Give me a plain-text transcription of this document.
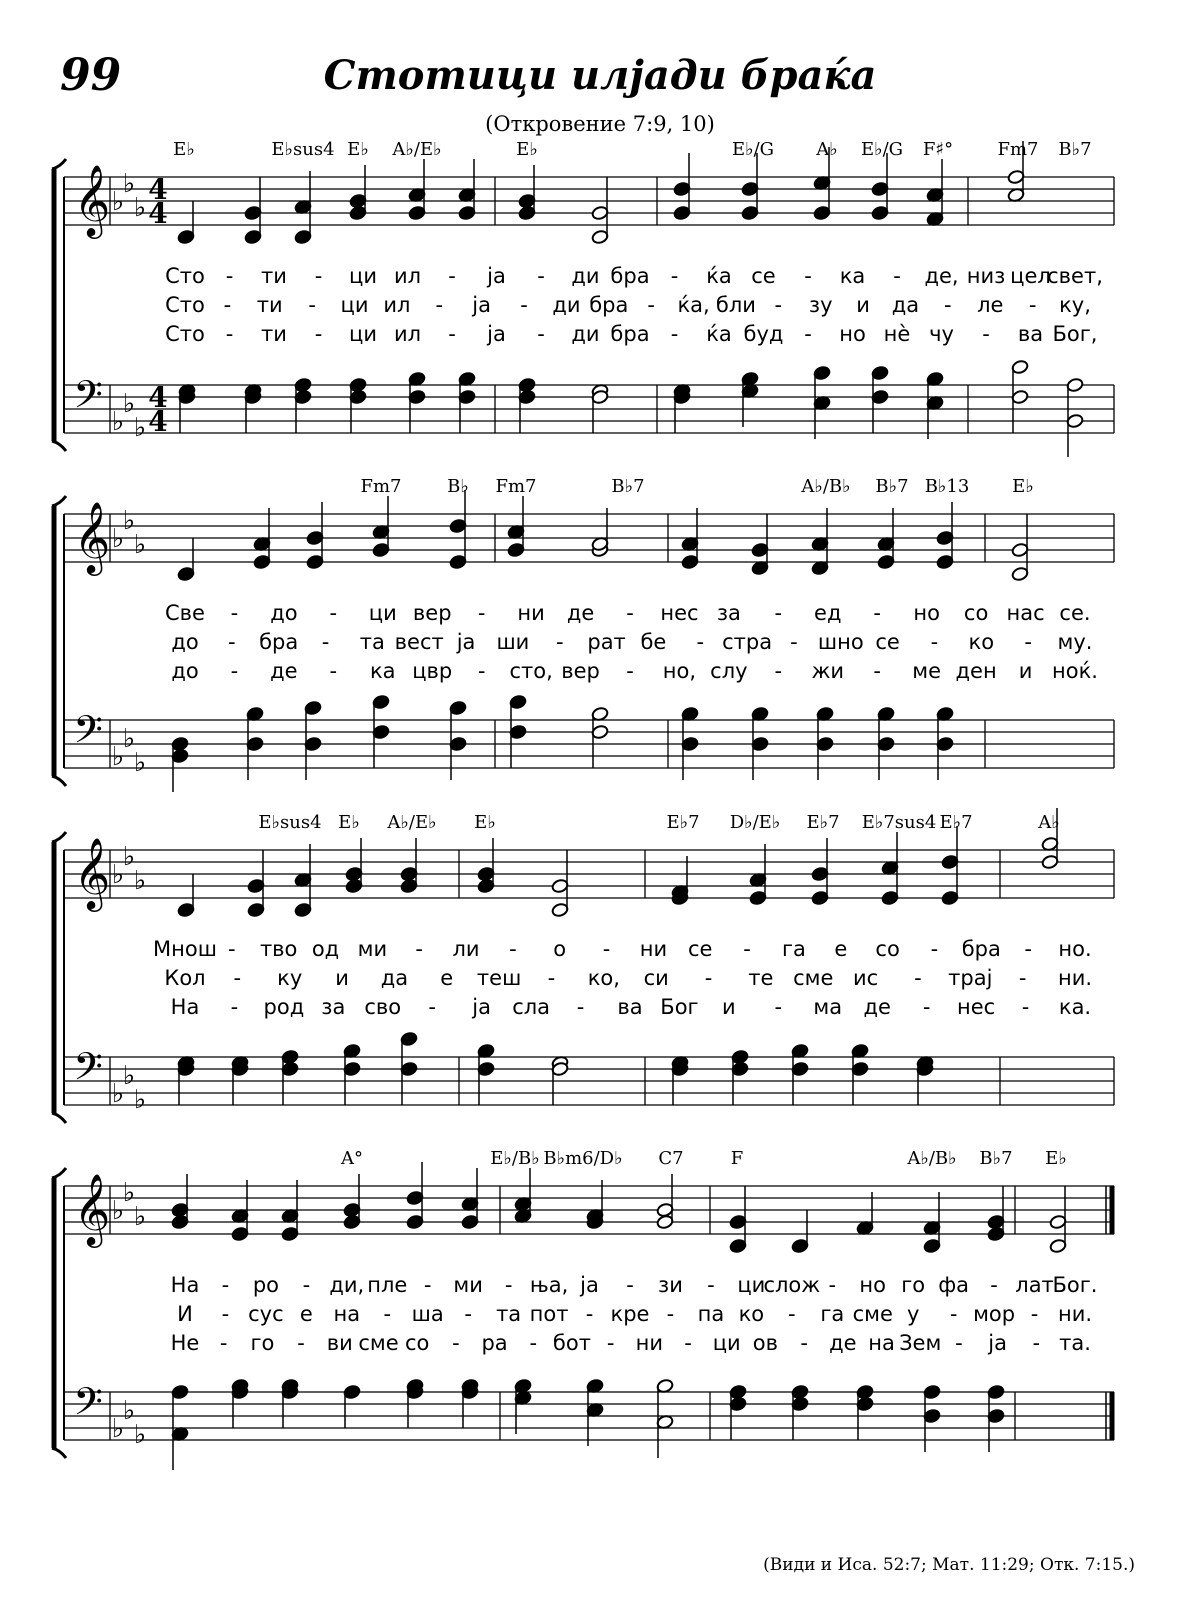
99	Стотици илјади браќа
(Откровение 7:9, 10)
𝄞
𝄢
♭
♭
♭
♭
♭
♭
4
4
4
4
𝄞
𝄢
♭
♭
♭
♭
♭
♭
𝄞
𝄢
♭
♭
♭
♭
♭
♭
𝄞
𝄢
♭
♭
♭
♭
♭
♭
E♭	E♭sus4 E♭ A♭/E♭	E♭	E♭/G A♭ E♭/G F♯° Fm7 B♭7
Fm7	B♭ Fm7	B♭7	A♭/B♭ B♭7 B♭13 E♭
E♭sus4 E♭ A♭/E♭ E♭	E♭7 D♭/E♭ E♭7 E♭7sus4 E♭7	A♭
A°	E♭/B♭ B♭m6/D♭ C7	F	A♭/B♭ B♭7 E♭
Сто - ти - ци ил - ја - ди бра - ќа се - ка - де, низ цел
свет,
Сто - ти - ци ил - ја - ди бра - ќа, бли - зу и да - ле - ку,
Сто - ти - ци ил - ја - ди бра - ќа буд - но нѐ чу - ва Бог,
Све - до - ци вер - ни де - нес за - ед - но со нас се.
до - бра - та вест ја ши - рат бе - стра - шно се - ко - му.
до - де - ка цвр - сто, вер - но, слу - жи - ме ден и ноќ.
Мнош - тво од ми - ли - о - ни се - га е со - бра - но.
Кол - ку и да е теш - ко, си - те сме ис - трај - ни.
На - род за сво - ја сла - ва Бог и - ма де - нес - ка.
На - ро - ди, пле - ми - ња, ја - зи - ци
слож - но го фа - лат
Бог.
И - сус е на - ша - та пот - кре - па ко - га сме у - мор - ни.
Не - го - ви сме со - ра - бот - ни - ци ов - де на Зем - ја - та.
(Види и Иса. 52:7; Мат. 11:29; Отк. 7:15.)
